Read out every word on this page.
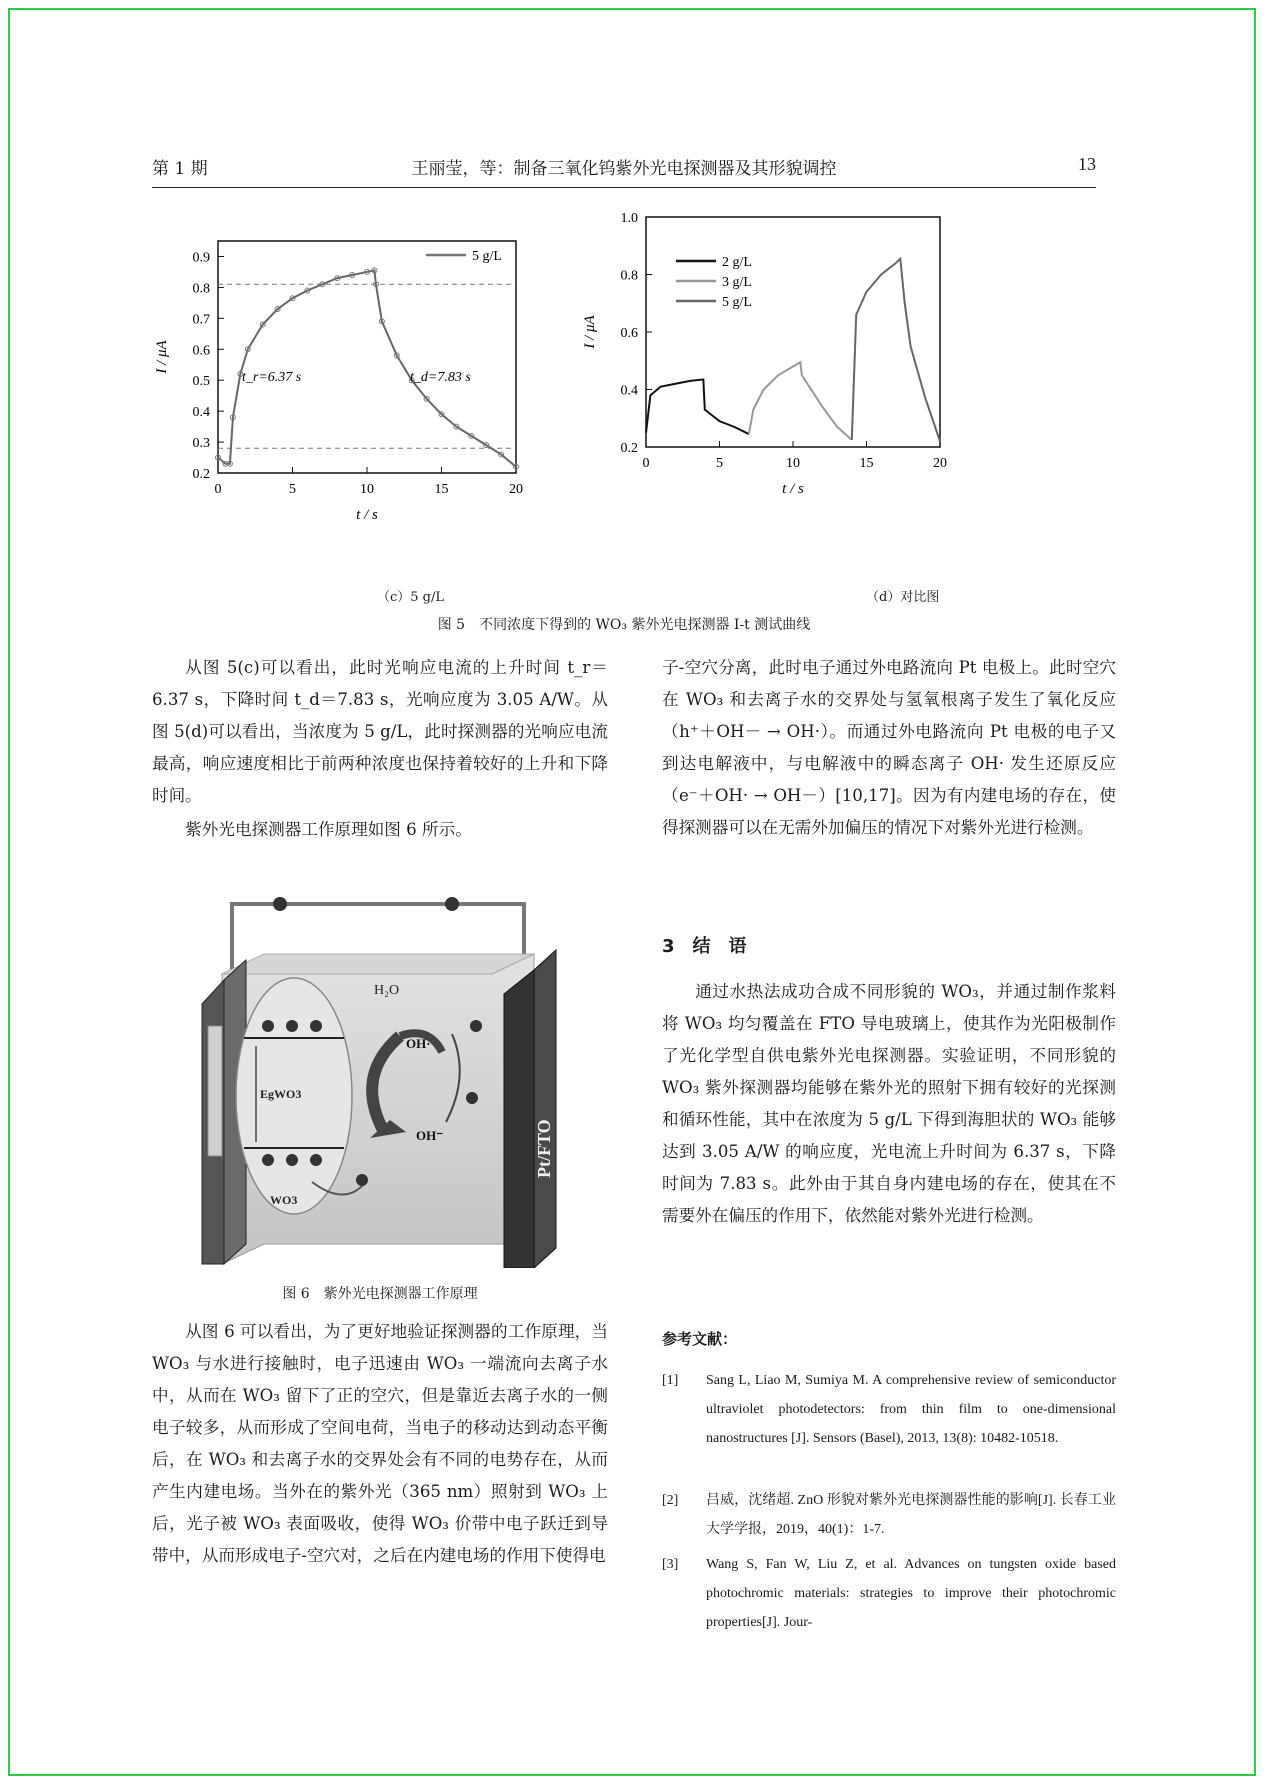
第 1 期	王丽莹，等：制备三氧化钨紫外光电探测器及其形貌调控	13
0	5	10	15	20
0.2
0.3
0.4
0.5
0.6
0.7
0.8
0.9
t / s
I / μA
5 g/L
t_r=6.37 s	t_d=7.83 s
0	5	10	15	20
0.2
0.4
0.6
0.8
1.0
t / s
I / μA
2 g/L
3 g/L
5 g/L
（c）5 g/L	（d）对比图
图 5　不同浓度下得到的 WO₃ 紫外光电探测器 I-t 测试曲线

从图 5(c)可以看出，此时光响应电流的上升时间 t_r＝6.37 s，下降时间 t_d＝7.83 s，光响应度为 3.05 A/W。从图 5(d)可以看出，当浓度为 5 g/L，此时探测器的光响应电流最高，响应速度相比于前两种浓度也保持着较好的上升和下降时间。

紫外光电探测器工作原理如图 6 所示。

H₂O
Pt/FTO
EgWO3
WO3
OH·
OH⁻
图 6　紫外光电探测器工作原理

从图 6 可以看出，为了更好地验证探测器的工作原理，当 WO₃ 与水进行接触时，电子迅速由 WO₃ 一端流向去离子水中，从而在 WO₃ 留下了正的空穴，但是靠近去离子水的一侧电子较多，从而形成了空间电荷，当电子的移动达到动态平衡后，在 WO₃ 和去离子水的交界处会有不同的电势存在，从而产生内建电场。当外在的紫外光（365 nm）照射到 WO₃ 上后，光子被 WO₃ 表面吸收，使得 WO₃ 价带中电子跃迁到导带中，从而形成电子-空穴对，之后在内建电场的作用下使得电

子-空穴分离，此时电子通过外电路流向 Pt 电极上。此时空穴在 WO₃ 和去离子水的交界处与氢氧根离子发生了氧化反应（h⁺＋OH－ → OH·）。而通过外电路流向 Pt 电极的电子又到达电解液中，与电解液中的瞬态离子 OH· 发生还原反应（e⁻＋OH· → OH－）[10,17]。因为有内建电场的存在，使得探测器可以在无需外加偏压的情况下对紫外光进行检测。

3　结　语

通过水热法成功合成不同形貌的 WO₃，并通过制作浆料将 WO₃ 均匀覆盖在 FTO 导电玻璃上，使其作为光阳极制作了光化学型自供电紫外光电探测器。实验证明，不同形貌的 WO₃ 紫外探测器均能够在紫外光的照射下拥有较好的光探测和循环性能，其中在浓度为 5 g/L 下得到海胆状的 WO₃ 能够达到 3.05 A/W 的响应度，光电流上升时间为 6.37 s，下降时间为 7.83 s。此外由于其自身内建电场的存在，使其在不需要外在偏压的作用下，依然能对紫外光进行检测。

参考文献：
[1] Sang L, Liao M, Sumiya M. A comprehensive review of semiconductor ultraviolet photodetectors: from thin film to one-dimensional nanostructures [J]. Sensors (Basel), 2013, 13(8): 10482-10518.
[2] 吕威，沈绪超. ZnO 形貌对紫外光电探测器性能的影响[J]. 长春工业大学学报，2019，40(1)：1-7.
[3] Wang S, Fan W, Liu Z, et al. Advances on tungsten oxide based photochromic materials: strategies to improve their photochromic properties[J]. Jour-
